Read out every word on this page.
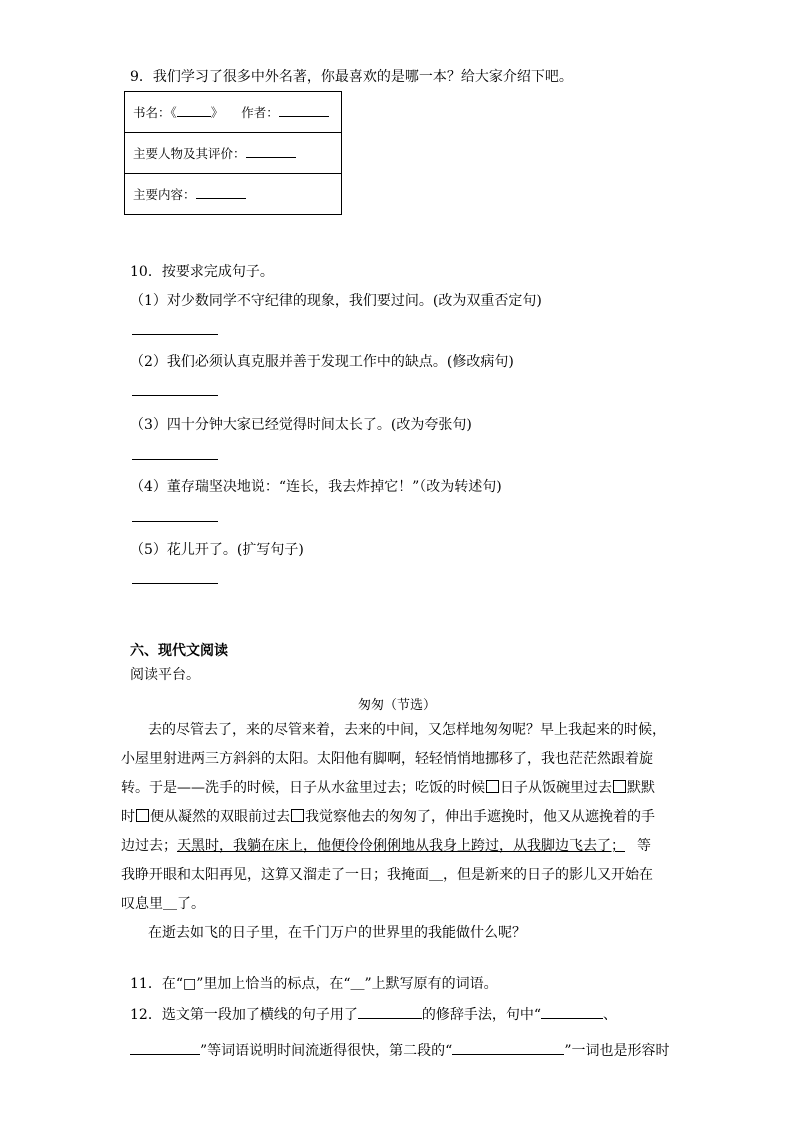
9．我们学习了很多中外名著，你最喜欢的是哪一本？给大家介绍下吧。
书名：《	》 作者：
主要人物及其评价：
主要内容：
10．按要求完成句子。
（1）对少数同学不守纪律的现象，我们要过问。(改为双重否定句)
（2）我们必须认真克服并善于发现工作中的缺点。(修改病句)
（3）四十分钟大家已经觉得时间太长了。(改为夸张句)
（4）董存瑞坚决地说：“连长，我去炸掉它！”（改为转述句)
（5）花儿开了。(扩写句子)
六、现代文阅读
阅读平台。
匆匆（节选）
去的尽管去了，来的尽管来着，去来的中间，又怎样地匆匆呢？早上我起来的时候，
小屋里射进两三方斜斜的太阳。太阳他有脚啊，轻轻悄悄地挪移了，我也茫茫然跟着旋
转。于是——洗手的时候，日子从水盆里过去；吃饭的时候 日子从饭碗里过去 默默
时 便从凝然的双眼前过去 我觉察他去的匆匆了，伸出手遮挽时，他又从遮挽着的手
边过去；天黑时，我躺在床上，他便伶伶俐俐地从我身上跨过，从我脚边飞去了； 等
我睁开眼和太阳再见，这算又溜走了一日；我掩面＿，但是新来的日子的影儿又开始在
叹息里＿了。
在逝去如飞的日子里，在千门万户的世界里的我能做什么呢？
11．在“□”里加上恰当的标点，在“＿”上默写原有的词语。
12．选文第一段加了横线的句子用了	的修辞手法，句中“	、
”等词语说明时间流逝得很快，第二段的“	”一词也是形容时
